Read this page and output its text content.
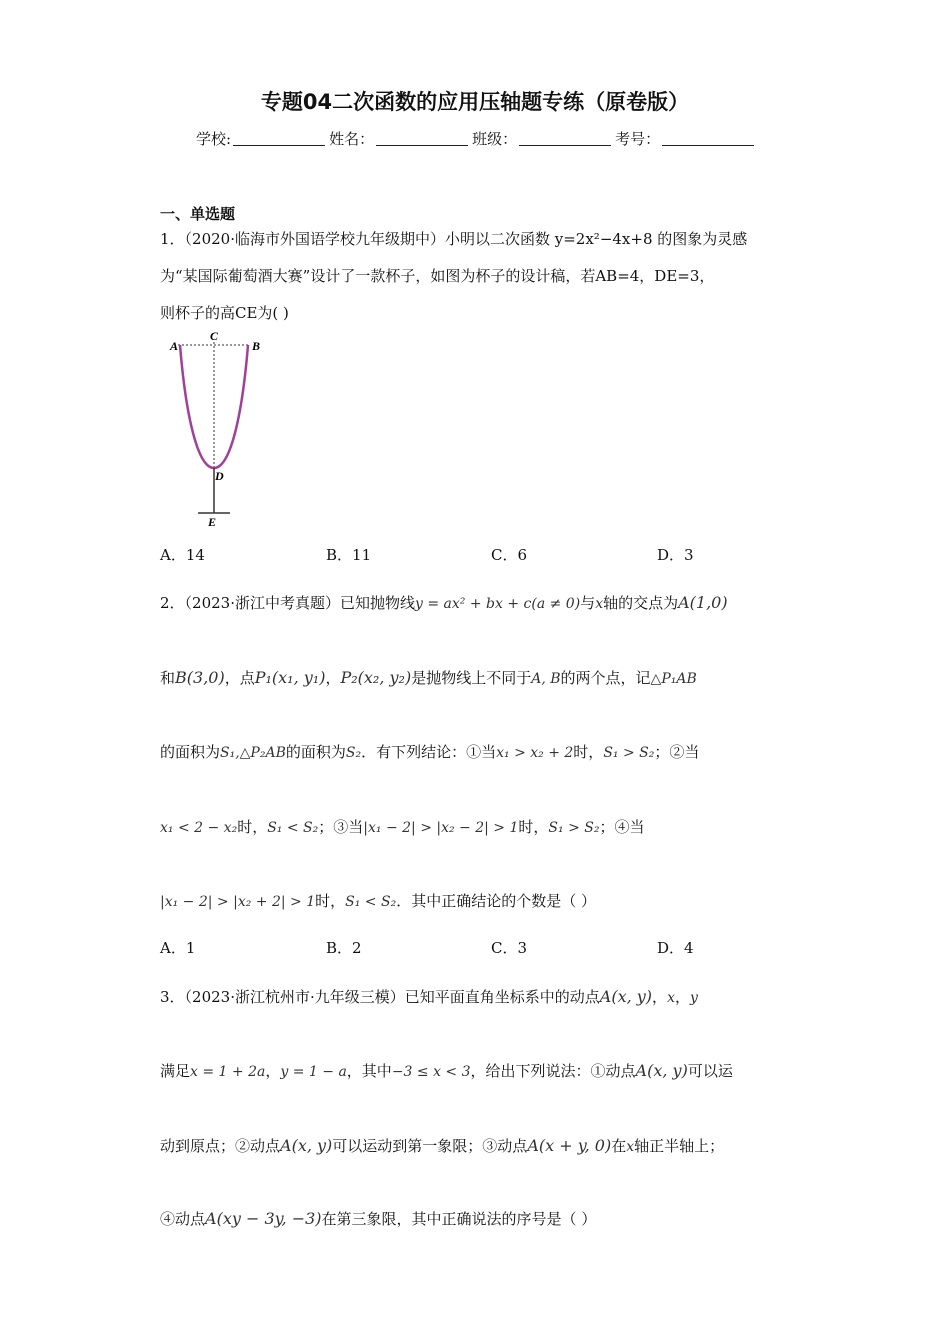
专题04二次函数的应用压轴题专练（原卷版）
学校:	姓名：	班级：	考号：
一、单选题
1．（2020·临海市外国语学校九年级期中）小明以二次函数 y=2x²−4x+8 的图象为灵感
为“某国际葡萄酒大赛”设计了一款杯子，如图为杯子的设计稿，若AB=4，DE=3，
则杯子的高CE为( )
A
C
B
D
E
A．14	B．11	C．6	D．3
2．（2023·浙江中考真题）已知抛物线y = ax² + bx + c(a ≠ 0)与x轴的交点为A(1,0)
和B(3,0)，点P₁(x₁, y₁)，P₂(x₂, y₂)是抛物线上不同于A, B的两个点，记△P₁AB
的面积为S₁,△P₂AB的面积为S₂．有下列结论：①当x₁ > x₂ + 2时，S₁ > S₂；②当
x₁ < 2 − x₂时，S₁ < S₂；③当|x₁ − 2| > |x₂ − 2| > 1时，S₁ > S₂；④当
|x₁ − 2| > |x₂ + 2| > 1时，S₁ < S₂．其中正确结论的个数是（ ）
A．1	B．2	C．3	D．4
3．（2023·浙江杭州市·九年级三模）已知平面直角坐标系中的动点A(x, y)，x，y
满足x = 1 + 2a，y = 1 − a，其中−3 ≤ x < 3，给出下列说法：①动点A(x, y)可以运
动到原点；②动点A(x, y)可以运动到第一象限；③动点A(x + y, 0)在x轴正半轴上；
④动点A(xy − 3y, −3)在第三象限，其中正确说法的序号是（ ）
